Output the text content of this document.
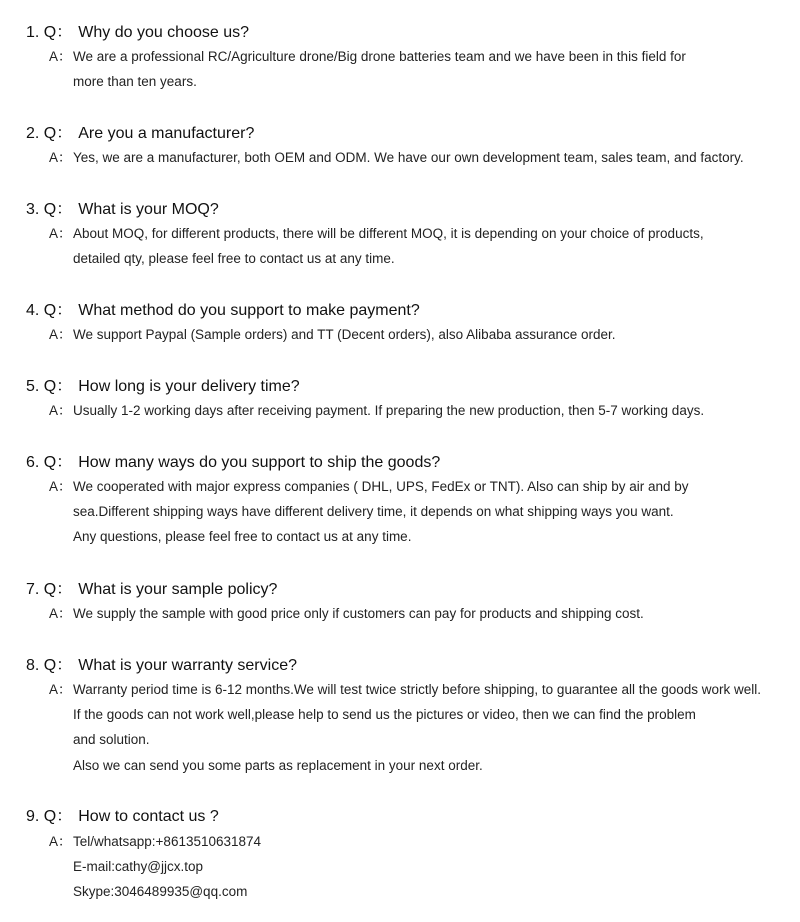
1. Q： Why do you choose us?
A： We are a professional RC/Agriculture drone/Big drone batteries team and we have been in this field for
more than ten years.
2. Q： Are you a manufacturer?
A： Yes, we are a manufacturer, both OEM and ODM. We have our own development team, sales team, and factory.
3. Q： What is your MOQ?
A： About MOQ, for different products, there will be different MOQ, it is depending on your choice of products,
detailed qty, please feel free to contact us at any time.
4. Q： What method do you support to make payment?
A： We support Paypal (Sample orders) and TT (Decent orders), also Alibaba assurance order.
5. Q： How long is your delivery time?
A： Usually 1-2 working days after receiving payment. If preparing the new production, then 5-7 working days.
6. Q： How many ways do you support to ship the goods?
A： We cooperated with major express companies ( DHL, UPS, FedEx or TNT). Also can ship by air and by
sea.Different shipping ways have different delivery time, it depends on what shipping ways you want.
Any questions, please feel free to contact us at any time.
7. Q： What is your sample policy?
A： We supply the sample with good price only if customers can pay for products and shipping cost.
8. Q： What is your warranty service?
A： Warranty period time is 6-12 months.We will test twice strictly before shipping, to guarantee all the goods work well.
If the goods can not work well,please help to send us the pictures or video, then we can find the problem
and solution.
Also we can send you some parts as replacement in your next order.
9. Q： How to contact us ?
A： Tel/whatsapp:+8613510631874
E-mail:cathy@jjcx.top
Skype:3046489935@qq.com
